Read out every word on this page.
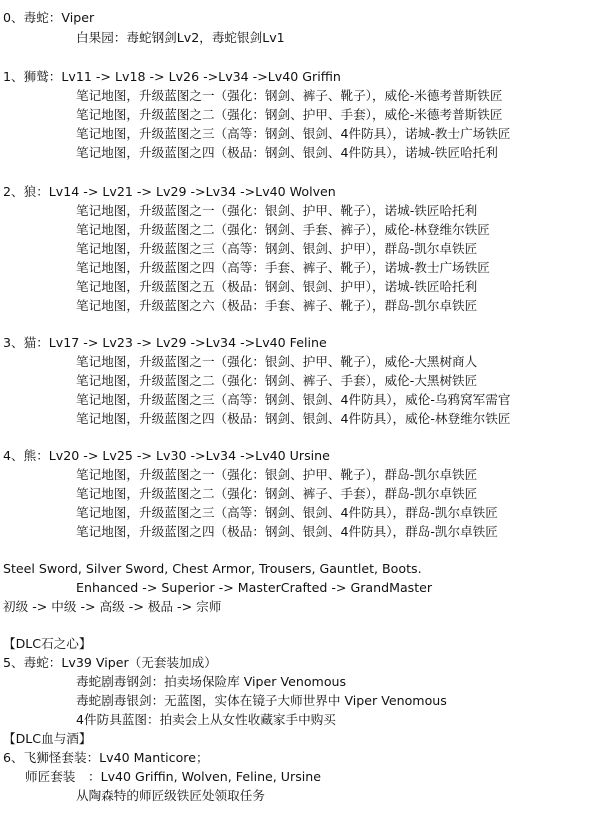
0、毒蛇：Viper
白果园：毒蛇钢剑Lv2，毒蛇银剑Lv1
1、狮鹫：Lv11 -> Lv18 -> Lv26 ->Lv34 ->Lv40 Griffin
笔记地图，升级蓝图之一（强化：钢剑、裤子、靴子），威伦-米德考普斯铁匠
笔记地图，升级蓝图之二（强化：钢剑、护甲、手套），威伦-米德考普斯铁匠
笔记地图，升级蓝图之三（高等：钢剑、银剑、4件防具），诺城-教士广场铁匠
笔记地图，升级蓝图之四（极品：钢剑、银剑、4件防具），诺城-铁匠哈托利
2、狼：Lv14 -> Lv21 -> Lv29 ->Lv34 ->Lv40 Wolven
笔记地图，升级蓝图之一（强化：银剑、护甲、靴子），诺城-铁匠哈托利
笔记地图，升级蓝图之二（强化：钢剑、手套、裤子），威伦-林登维尔铁匠
笔记地图，升级蓝图之三（高等：钢剑、银剑、护甲），群岛-凯尔卓铁匠
笔记地图，升级蓝图之四（高等：手套、裤子、靴子），诺城-教士广场铁匠
笔记地图，升级蓝图之五（极品：钢剑、银剑、护甲），诺城-铁匠哈托利
笔记地图，升级蓝图之六（极品：手套、裤子、靴子），群岛-凯尔卓铁匠
3、猫：Lv17 -> Lv23 -> Lv29 ->Lv34 ->Lv40 Feline
笔记地图，升级蓝图之一（强化：银剑、护甲、靴子），威伦-大黑树商人
笔记地图，升级蓝图之二（强化：钢剑、裤子、手套），威伦-大黑树铁匠
笔记地图，升级蓝图之三（高等：钢剑、银剑、4件防具），威伦-乌鸦窝军需官
笔记地图，升级蓝图之四（极品：钢剑、银剑、4件防具），威伦-林登维尔铁匠
4、熊：Lv20 -> Lv25 -> Lv30 ->Lv34 ->Lv40 Ursine
笔记地图，升级蓝图之一（强化：银剑、护甲、靴子），群岛-凯尔卓铁匠
笔记地图，升级蓝图之二（强化：钢剑、裤子、手套），群岛-凯尔卓铁匠
笔记地图，升级蓝图之三（高等：钢剑、银剑、4件防具），群岛-凯尔卓铁匠
笔记地图，升级蓝图之四（极品：钢剑、银剑、4件防具），群岛-凯尔卓铁匠
Steel Sword, Silver Sword, Chest Armor, Trousers, Gauntlet, Boots.
Enhanced -> Superior -> MasterCrafted -> GrandMaster
初级 -> 中级 -> 高级 -> 极品 -> 宗师
【DLC石之心】
5、毒蛇：Lv39 Viper（无套装加成）
毒蛇剧毒钢剑：拍卖场保险库 Viper Venomous
毒蛇剧毒银剑：无蓝图，实体在镜子大师世界中 Viper Venomous
4件防具蓝图：拍卖会上从女性收藏家手中购买
【DLC血与酒】
6、飞狮怪套装：Lv40 Manticore；
师匠套装　：Lv40 Griffin, Wolven, Feline, Ursine
从陶森特的师匠级铁匠处领取任务
